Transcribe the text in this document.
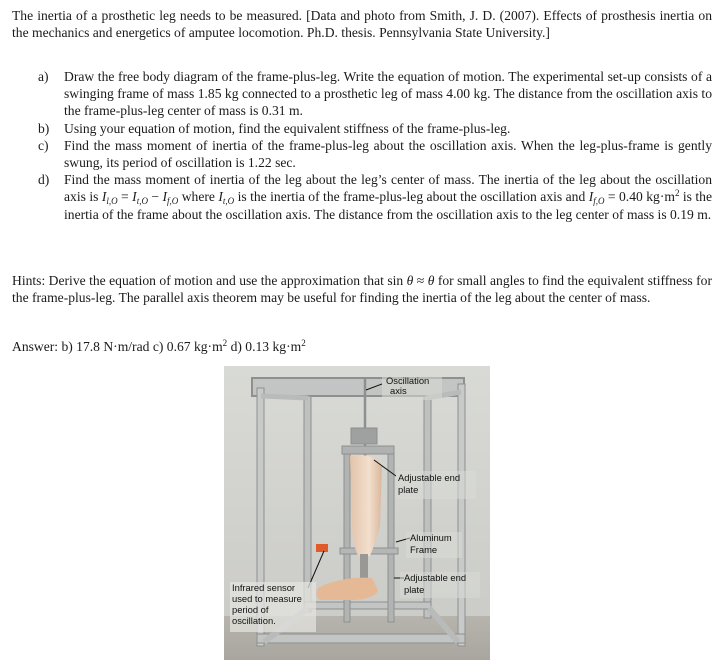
The inertia of a prosthetic leg needs to be measured. [Data and photo from Smith, J. D. (2007). Effects of prosthesis inertia on the mechanics and energetics of amputee locomotion. Ph.D. thesis. Pennsylvania State University.]
a) Draw the free body diagram of the frame-plus-leg. Write the equation of motion. The experimental set-up consists of a swinging frame of mass 1.85 kg connected to a prosthetic leg of mass 4.00 kg. The distance from the oscillation axis to the frame-plus-leg center of mass is 0.31 m.
b) Using your equation of motion, find the equivalent stiffness of the frame-plus-leg.
c) Find the mass moment of inertia of the frame-plus-leg about the oscillation axis. When the leg-plus-frame is gently swung, its period of oscillation is 1.22 sec.
d) Find the mass moment of inertia of the leg about the leg’s center of mass. The inertia of the leg about the oscillation axis is $I_{l,O} = I_{t,O} - I_{f,O}$ where $I_{t,O}$ is the inertia of the frame-plus-leg about the oscillation axis and $I_{f,O} = 0.40$ $kg\cdot m^2$ is the inertia of the frame about the oscillation axis. The distance from the oscillation axis to the leg center of mass is 0.19 m.
Hints: Derive the equation of motion and use the approximation that sin θ ≈ θ for small angles to find the equivalent stiffness for the frame-plus-leg. The parallel axis theorem may be useful for finding the inertia of the leg about the center of mass.
Answer: b) 17.8 N·m/rad c) 0.67 $kg\cdot m^2$ d) 0.13 $kg\cdot m^2$
Oscillation
axis
Adjustable end
plate
Aluminum
Frame
Adjustable end
plate
Infrared sensor
used to measure
period of
oscillation.
